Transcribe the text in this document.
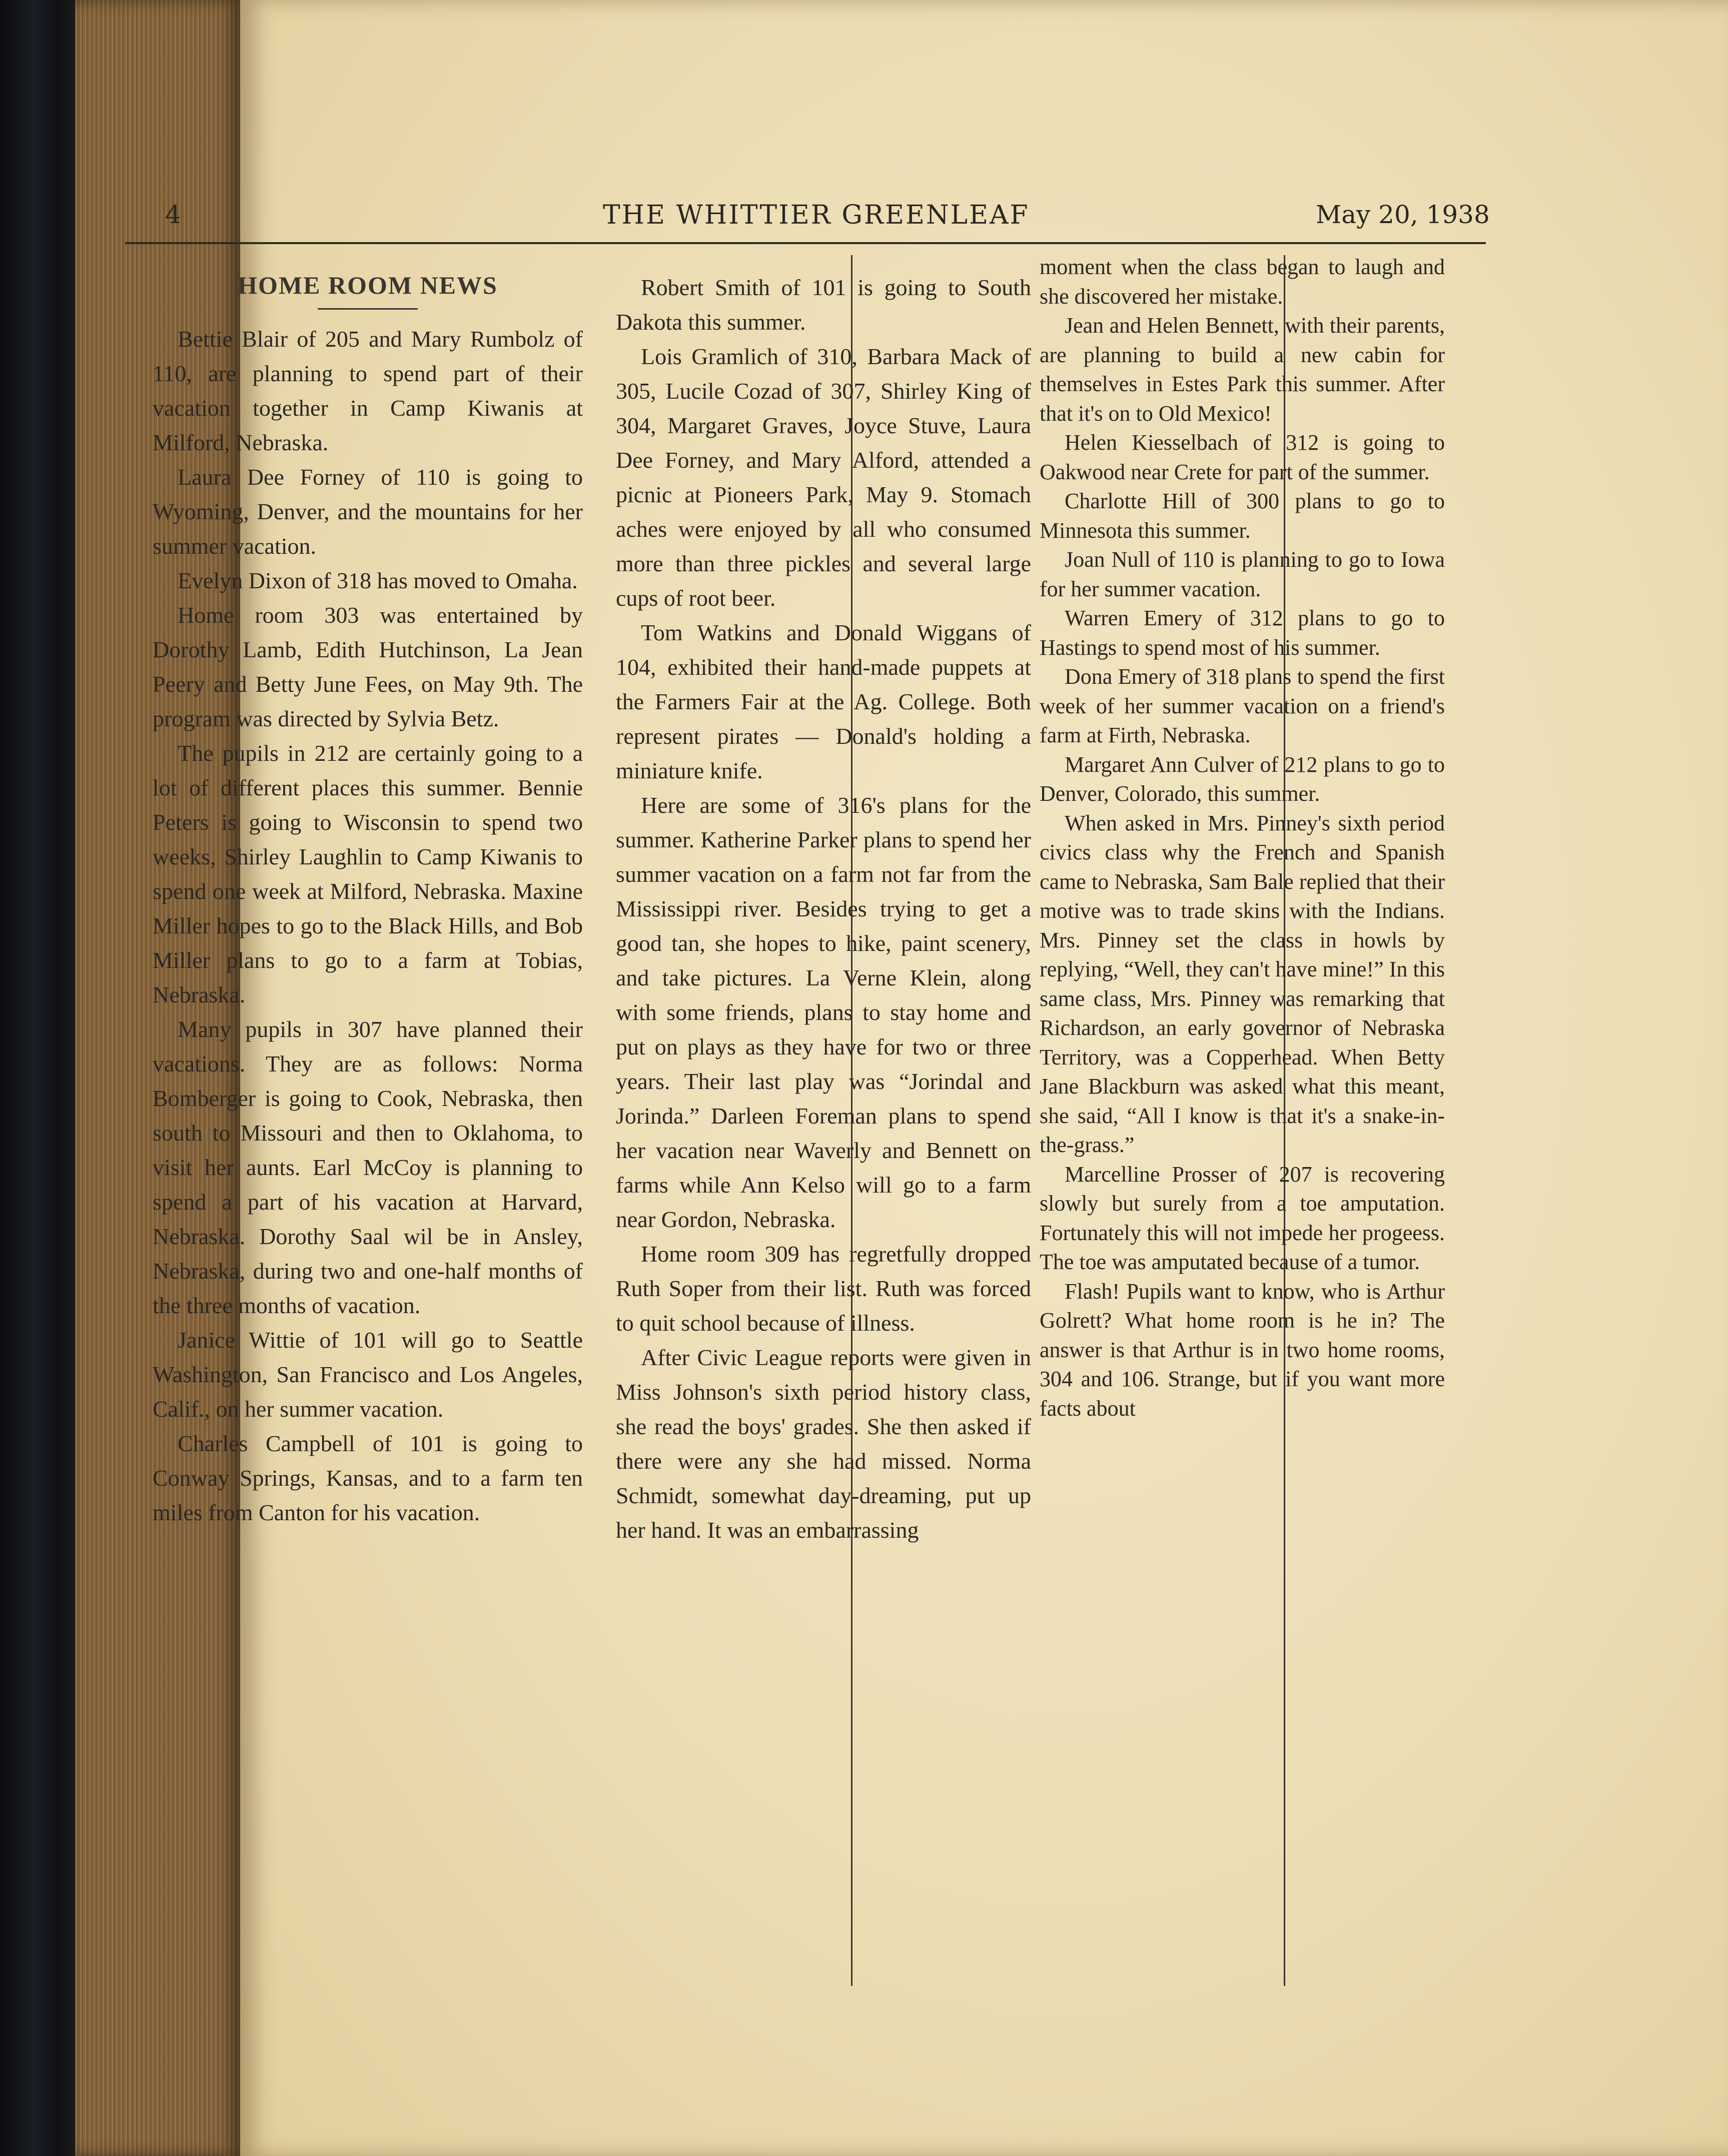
4	THE WHITTIER GREENLEAF	May 20, 1938
HOME ROOM NEWS

Bettie Blair of 205 and Mary Rumbolz of 110, are planning to spend part of their vacation together in Camp Kiwanis at Milford, Nebraska.

Laura Dee Forney of 110 is going to Wyoming, Denver, and the mountains for her summer vacation.

Evelyn Dixon of 318 has moved to Omaha.

Home room 303 was entertained by Dorothy Lamb, Edith Hutchinson, La Jean Peery and Betty June Fees, on May 9th. The program was directed by Sylvia Betz.

The pupils in 212 are certainly going to a lot of different places this summer. Bennie Peters is going to Wisconsin to spend two weeks, Shirley Laughlin to Camp Kiwanis to spend one week at Milford, Nebraska. Maxine Miller hopes to go to the Black Hills, and Bob Miller plans to go to a farm at Tobias, Nebraska.

Many pupils in 307 have planned their vacations. They are as follows: Norma Bomberger is going to Cook, Nebraska, then south to Missouri and then to Oklahoma, to visit her aunts. Earl McCoy is planning to spend a part of his vacation at Harvard, Nebraska. Dorothy Saal wil be in Ansley, Nebraska, during two and one-half months of the three months of vacation.

Janice Wittie of 101 will go to Seattle Washington, San Francisco and Los Angeles, Calif., on her summer vacation.

Charles Campbell of 101 is going to Conway Springs, Kansas, and to a farm ten miles from Canton for his vacation.

Robert Smith of 101 is going to South Dakota this summer.

Lois Gramlich of 310, Barbara Mack of 305, Lucile Cozad of 307, Shirley King of 304, Margaret Graves, Joyce Stuve, Laura Dee Forney, and Mary Alford, attended a picnic at Pioneers Park, May 9. Stomach aches were enjoyed by all who consumed more than three pickles and several large cups of root beer.

Tom Watkins and Donald Wiggans of 104, exhibited their hand-made puppets at the Farmers Fair at the Ag. College. Both represent pirates — Donald's holding a miniature knife.

Here are some of 316's plans for the summer. Katherine Parker plans to spend her summer vacation on a farm not far from the Mississippi river. Besides trying to get a good tan, she hopes to hike, paint scenery, and take pictures. La Verne Klein, along with some friends, plans to stay home and put on plays as they have for two or three years. Their last play was “Jorindal and Jorinda.” Darleen Foreman plans to spend her vacation near Waverly and Bennett on farms while Ann Kelso will go to a farm near Gordon, Nebraska.

Home room 309 has regretfully dropped Ruth Soper from their list. Ruth was forced to quit school because of illness.

After Civic League reports were given in Miss Johnson's sixth period history class, she read the boys' grades. She then asked if there were any she had missed. Norma Schmidt, somewhat day-dreaming, put up her hand. It was an embarrassing

moment when the class began to laugh and she discovered her mistake.

Jean and Helen Bennett, with their parents, are planning to build a new cabin for themselves in Estes Park this summer. After that it's on to Old Mexico!

Helen Kiesselbach of 312 is going to Oakwood near Crete for part of the summer.

Charlotte Hill of 300 plans to go to Minnesota this summer.

Joan Null of 110 is planning to go to Iowa for her summer vacation.

Warren Emery of 312 plans to go to Hastings to spend most of his summer.

Dona Emery of 318 plans to spend the first week of her summer vacation on a friend's farm at Firth, Nebraska.

Margaret Ann Culver of 212 plans to go to Denver, Colorado, this summer.

When asked in Mrs. Pinney's sixth period civics class why the French and Spanish came to Nebraska, Sam Bale replied that their motive was to trade skins with the Indians. Mrs. Pinney set the class in howls by replying, “Well, they can't have mine!” In this same class, Mrs. Pinney was remarking that Richardson, an early governor of Nebraska Territory, was a Copperhead. When Betty Jane Blackburn was asked what this meant, she said, “All I know is that it's a snake-in-the-grass.”

Marcelline Prosser of 207 is recovering slowly but surely from a toe amputation. Fortunately this will not impede her progeess. The toe was amputated because of a tumor.

Flash! Pupils want to know, who is Arthur Golrett? What home room is he in? The answer is that Arthur is in two home rooms, 304 and 106. Strange, but if you want more facts about
